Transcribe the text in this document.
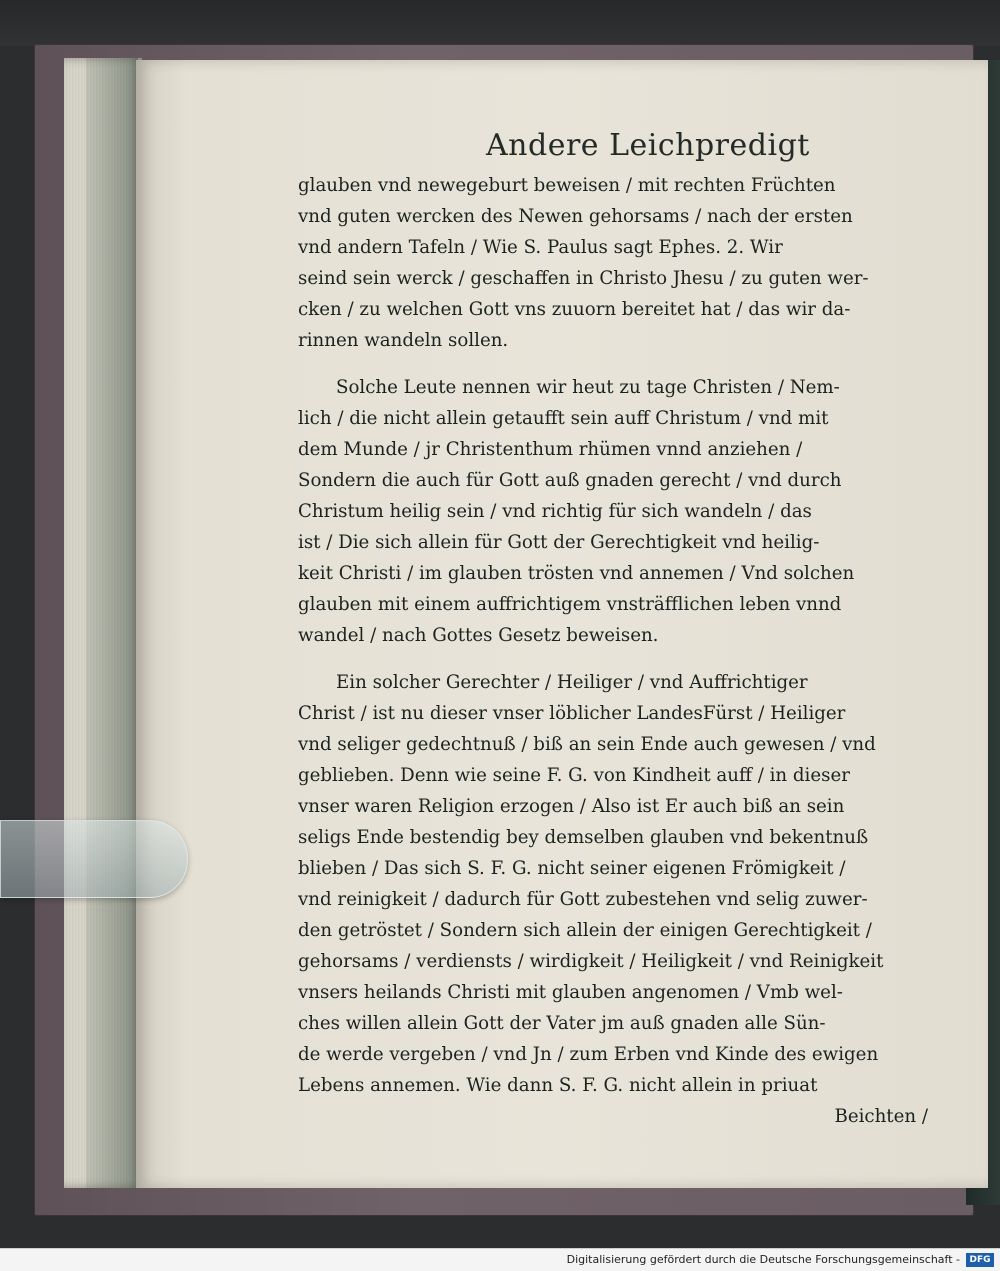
Andere Leichpredigt
glauben vnd newegeburt beweisen / mit rechten Früchten
vnd guten wercken des Newen gehorsams / nach der ersten
vnd andern Tafeln / Wie S. Paulus sagt Ephes. 2. Wir
seind sein werck / geschaffen in Christo Jhesu / zu guten wer-
cken / zu welchen Gott vns zuuorn bereitet hat / das wir da-
rinnen wandeln sollen.
Solche Leute nennen wir heut zu tage Christen / Nem-
lich / die nicht allein getaufft sein auff Christum / vnd mit
dem Munde / jr Christenthum rhümen vnnd anziehen /
Sondern die auch für Gott auß gnaden gerecht / vnd durch
Christum heilig sein / vnd richtig für sich wandeln / das
ist / Die sich allein für Gott der Gerechtigkeit vnd heilig-
keit Christi / im glauben trösten vnd annemen / Vnd solchen
glauben mit einem auffrichtigem vnsträfflichen leben vnnd
wandel / nach Gottes Gesetz beweisen.
Ein solcher Gerechter / Heiliger / vnd Auffrichtiger
Christ / ist nu dieser vnser löblicher LandesFürst / Heiliger
vnd seliger gedechtnuß / biß an sein Ende auch gewesen / vnd
geblieben. Denn wie seine F. G. von Kindheit auff / in dieser
vnser waren Religion erzogen / Also ist Er auch biß an sein
seligs Ende bestendig bey demselben glauben vnd bekentnuß
blieben / Das sich S. F. G. nicht seiner eigenen Frömigkeit /
vnd reinigkeit / dadurch für Gott zubestehen vnd selig zuwer-
den getröstet / Sondern sich allein der einigen Gerechtigkeit /
gehorsams / verdiensts / wirdigkeit / Heiligkeit / vnd Reinigkeit
vnsers heilands Christi mit glauben angenomen / Vmb wel-
ches willen allein Gott der Vater jm auß gnaden alle Sün-
de werde vergeben / vnd Jn / zum Erben vnd Kinde des ewigen
Lebens annemen. Wie dann S. F. G. nicht allein in priuat
Beichten /
Digitalisierung gefördert durch die Deutsche Forschungsgemeinschaft -	DFG
